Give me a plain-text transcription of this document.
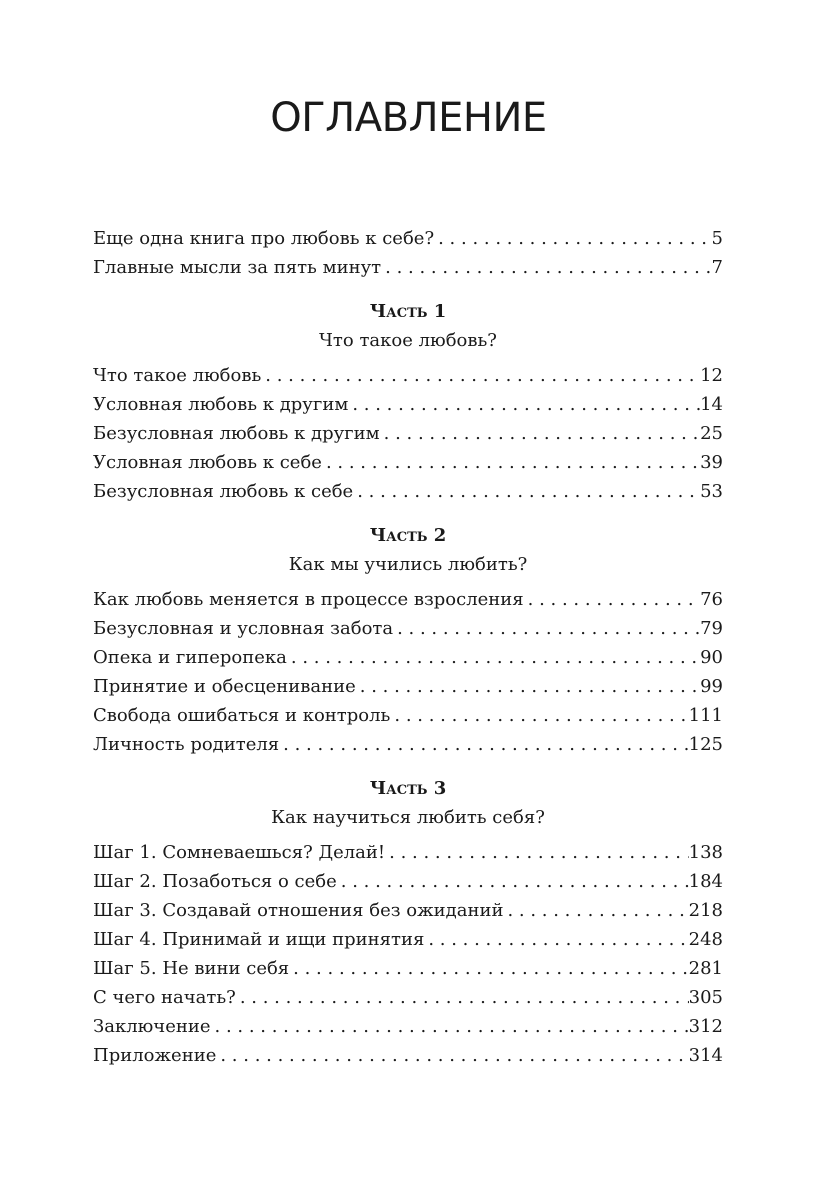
ОГЛАВЛЕНИЕ
Еще одна книга про любовь к себе? . . .	5
Главные мысли за пять минут . . .	7
Часть 1
Что такое любовь?
Что такое любовь . . .	12
Условная любовь к другим . . .	14
Безусловная любовь к другим . . .	25
Условная любовь к себе . . .	39
Безусловная любовь к себе . . .	53
Часть 2
Как мы учились любить?
Как любовь меняется в процессе взросления . . .	76
Безусловная и условная забота . . .	79
Опека и гиперопека . . .	90
Принятие и обесценивание . . .	99
Свобода ошибаться и контроль . . .	111
Личность родителя . . .	125
Часть 3
Как научиться любить себя?
Шаг 1. Сомневаешься? Делай! . . .	138
Шаг 2. Позаботься о себе . . .	184
Шаг 3. Создавай отношения без ожиданий . . .	218
Шаг 4. Принимай и ищи принятия . . .	248
Шаг 5. Не вини себя . . .	281
С чего начать? . . .	305
Заключение . . .	312
Приложение . . .	314
